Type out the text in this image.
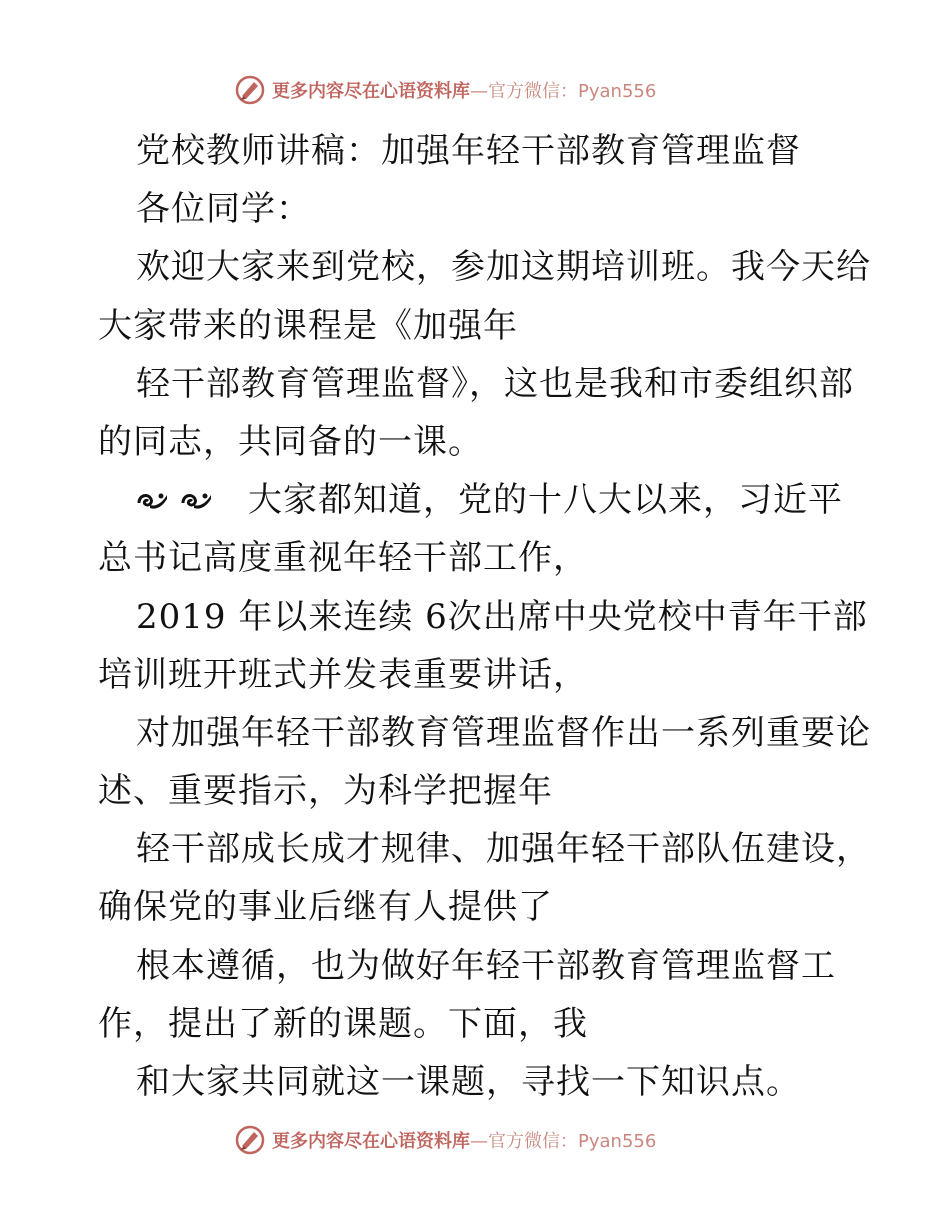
更多内容尽在心语资料库—官方微信：Pyan556
党校教师讲稿：加强年轻干部教育管理监督
各位同学：
欢迎大家来到党校，参加这期培训班。我今天给
大家带来的课程是《加强年
轻干部教育管理监督》，这也是我和市委组织部
的同志，共同备的一课。
大家都知道，党的十八大以来，习近平
总书记高度重视年轻干部工作，
2019 年以来连续 6次出席中央党校中青年干部
培训班开班式并发表重要讲话，
对加强年轻干部教育管理监督作出一系列重要论
述、重要指示，为科学把握年
轻干部成长成才规律、加强年轻干部队伍建设，
确保党的事业后继有人提供了
根本遵循，也为做好年轻干部教育管理监督工
作，提出了新的课题。下面，我
和大家共同就这一课题，寻找一下知识点。
更多内容尽在心语资料库—官方微信：Pyan556
